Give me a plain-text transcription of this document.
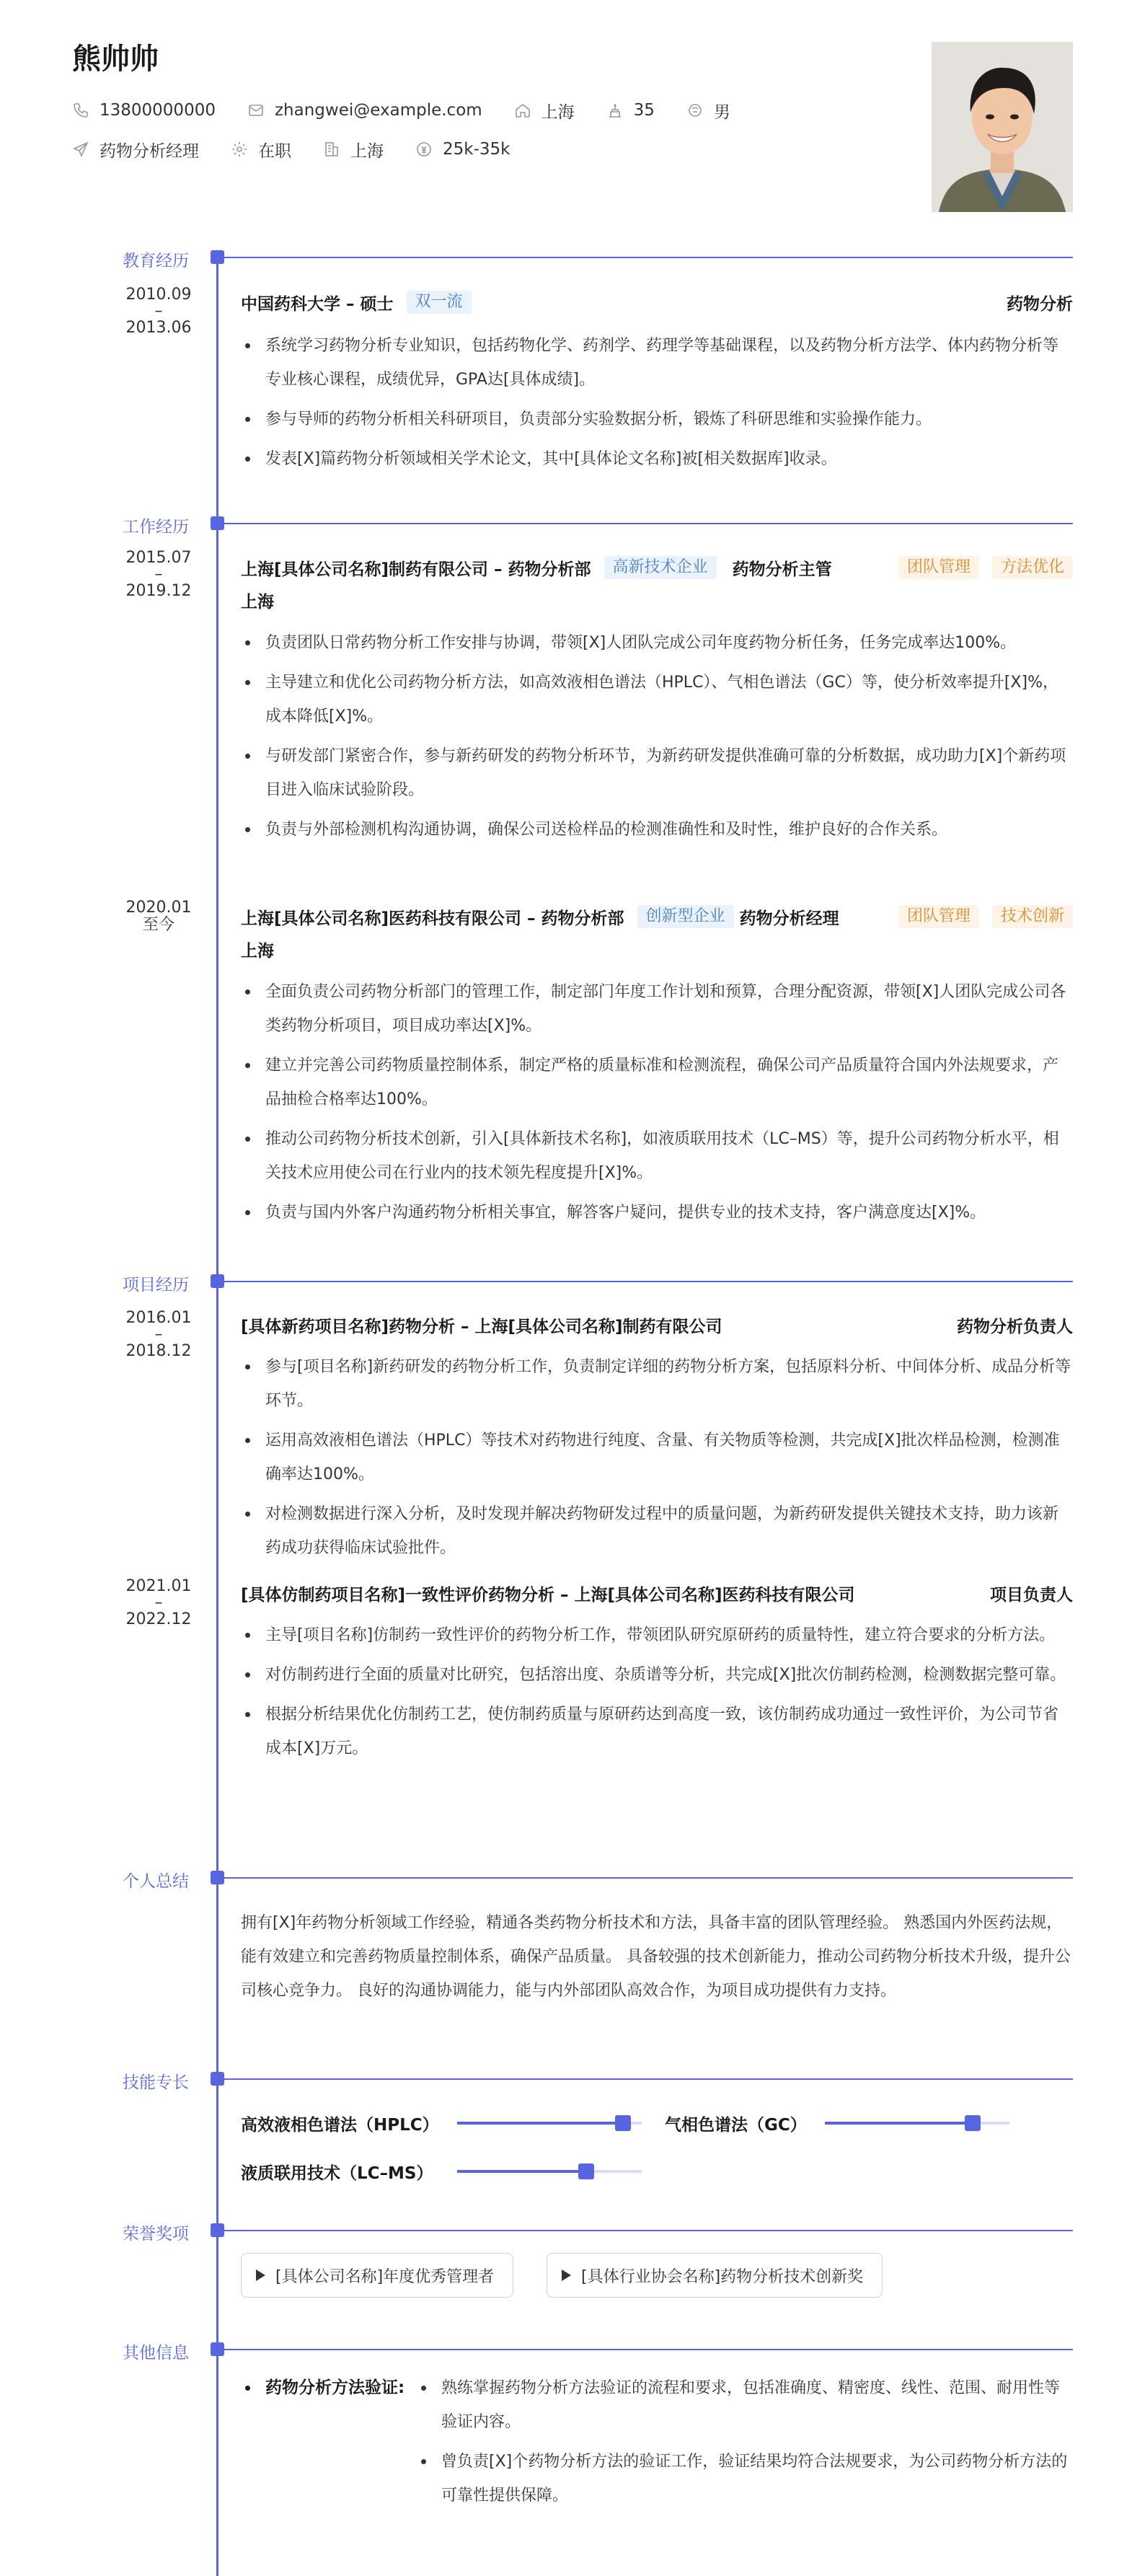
熊帅帅
13800000000	zhangwei@example.com	上海	35	男
药物分析经理	在职	上海	25k-35k
教育经历
2010.09
–
2013.06
中国药科大学 – 硕士	双一流	药物分析
系统学习药物分析专业知识，包括药物化学、药剂学、药理学等基础课程，以及药物分析方法学、体内药物分析等专业核心课程，成绩优异，GPA达[具体成绩]。
参与导师的药物分析相关科研项目，负责部分实验数据分析，锻炼了科研思维和实验操作能力。
发表[X]篇药物分析领域相关学术论文，其中[具体论文名称]被[相关数据库]收录。
工作经历
2015.07
–
2019.12
上海[具体公司名称]制药有限公司 – 药物分析部	高新技术企业	药物分析主管	团队管理	方法优化
上海
负责团队日常药物分析工作安排与协调，带领[X]人团队完成公司年度药物分析任务，任务完成率达100%。
主导建立和优化公司药物分析方法，如高效液相色谱法（HPLC）、气相色谱法（GC）等，使分析效率提升[X]%，成本降低[X]%。
与研发部门紧密合作，参与新药研发的药物分析环节，为新药研发提供准确可靠的分析数据，成功助力[X]个新药项目进入临床试验阶段。
负责与外部检测机构沟通协调，确保公司送检样品的检测准确性和及时性，维护良好的合作关系。
2020.01
至今	上海[具体公司名称]医药科技有限公司 – 药物分析部	创新型企业 药物分析经理	团队管理	技术创新
上海
全面负责公司药物分析部门的管理工作，制定部门年度工作计划和预算，合理分配资源，带领[X]人团队完成公司各类药物分析项目，项目成功率达[X]%。
建立并完善公司药物质量控制体系，制定严格的质量标准和检测流程，确保公司产品质量符合国内外法规要求，产品抽检合格率达100%。
推动公司药物分析技术创新，引入[具体新技术名称]，如液质联用技术（LC–MS）等，提升公司药物分析水平，相关技术应用使公司在行业内的技术领先程度提升[X]%。
负责与国内外客户沟通药物分析相关事宜，解答客户疑问，提供专业的技术支持，客户满意度达[X]%。
项目经历
2016.01
–
2018.12
[具体新药项目名称]药物分析 – 上海[具体公司名称]制药有限公司	药物分析负责人
参与[项目名称]新药研发的药物分析工作，负责制定详细的药物分析方案，包括原料分析、中间体分析、成品分析等环节。
运用高效液相色谱法（HPLC）等技术对药物进行纯度、含量、有关物质等检测，共完成[X]批次样品检测，检测准确率达100%。
对检测数据进行深入分析，及时发现并解决药物研发过程中的质量问题，为新药研发提供关键技术支持，助力该新药成功获得临床试验批件。
2021.01
–
2022.12
[具体仿制药项目名称]一致性评价药物分析 – 上海[具体公司名称]医药科技有限公司	项目负责人
主导[项目名称]仿制药一致性评价的药物分析工作，带领团队研究原研药的质量特性，建立符合要求的分析方法。
对仿制药进行全面的质量对比研究，包括溶出度、杂质谱等分析，共完成[X]批次仿制药检测，检测数据完整可靠。
根据分析结果优化仿制药工艺，使仿制药质量与原研药达到高度一致，该仿制药成功通过一致性评价，为公司节省成本[X]万元。
个人总结
拥有[X]年药物分析领域工作经验，精通各类药物分析技术和方法，具备丰富的团队管理经验。 熟悉国内外医药法规，能有效建立和完善药物质量控制体系，确保产品质量。 具备较强的技术创新能力，推动公司药物分析技术升级，提升公司核心竞争力。 良好的沟通协调能力，能与内外部团队高效合作，为项目成功提供有力支持。
技能专长
高效液相色谱法（HPLC）	气相色谱法（GC）
液质联用技术（LC–MS）
荣誉奖项
[具体公司名称]年度优秀管理者	[具体行业协会名称]药物分析技术创新奖
其他信息
药物分析方法验证:	熟练掌握药物分析方法验证的流程和要求，包括准确度、精密度、线性、范围、耐用性等验证内容。
曾负责[X]个药物分析方法的验证工作，验证结果均符合法规要求，为公司药物分析方法的可靠性提供保障。
